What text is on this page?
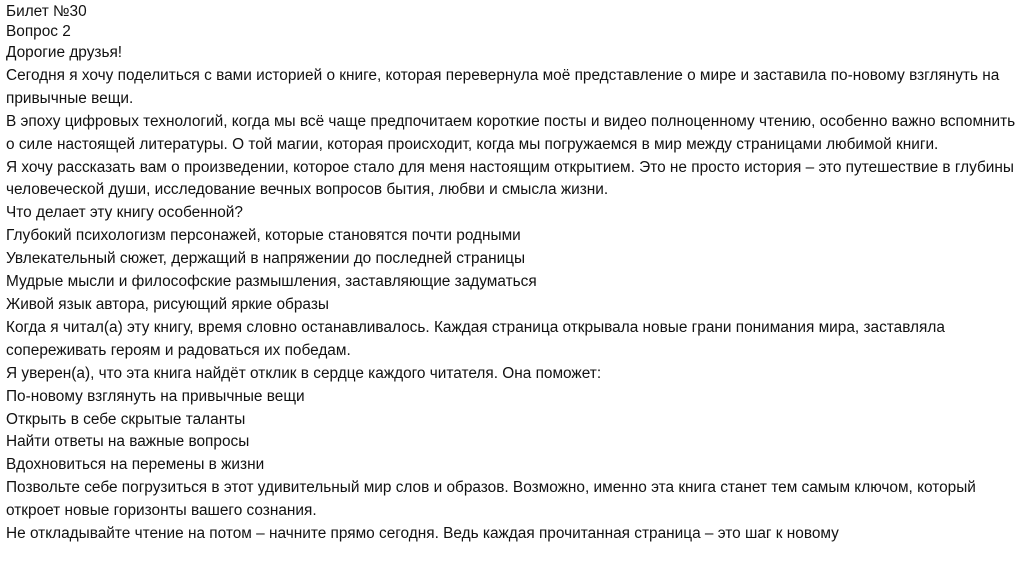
Билет №30

Вопрос 2

Дорогие друзья!

Сегодня я хочу поделиться с вами историей о книге, которая перевернула моё представление о мире и заставила по-новому взглянуть на привычные вещи.

В эпоху цифровых технологий, когда мы всё чаще предпочитаем короткие посты и видео полноценному чтению, особенно важно вспомнить о силе настоящей литературы. О той магии, которая происходит, когда мы погружаемся в мир между страницами любимой книги.

Я хочу рассказать вам о произведении, которое стало для меня настоящим открытием. Это не просто история – это путешествие в глубины человеческой души, исследование вечных вопросов бытия, любви и смысла жизни.

Что делает эту книгу особенной?

Глубокий психологизм персонажей, которые становятся почти родными

Увлекательный сюжет, держащий в напряжении до последней страницы

Мудрые мысли и философские размышления, заставляющие задуматься

Живой язык автора, рисующий яркие образы

Когда я читал(а) эту книгу, время словно останавливалось. Каждая страница открывала новые грани понимания мира, заставляла сопереживать героям и радоваться их победам.

Я уверен(а), что эта книга найдёт отклик в сердце каждого читателя. Она поможет:

По-новому взглянуть на привычные вещи

Открыть в себе скрытые таланты

Найти ответы на важные вопросы

Вдохновиться на перемены в жизни

Позвольте себе погрузиться в этот удивительный мир слов и образов. Возможно, именно эта книга станет тем самым ключом, который откроет новые горизонты вашего сознания.

Не откладывайте чтение на потом – начните прямо сегодня. Ведь каждая прочитанная страница – это шаг к новому
